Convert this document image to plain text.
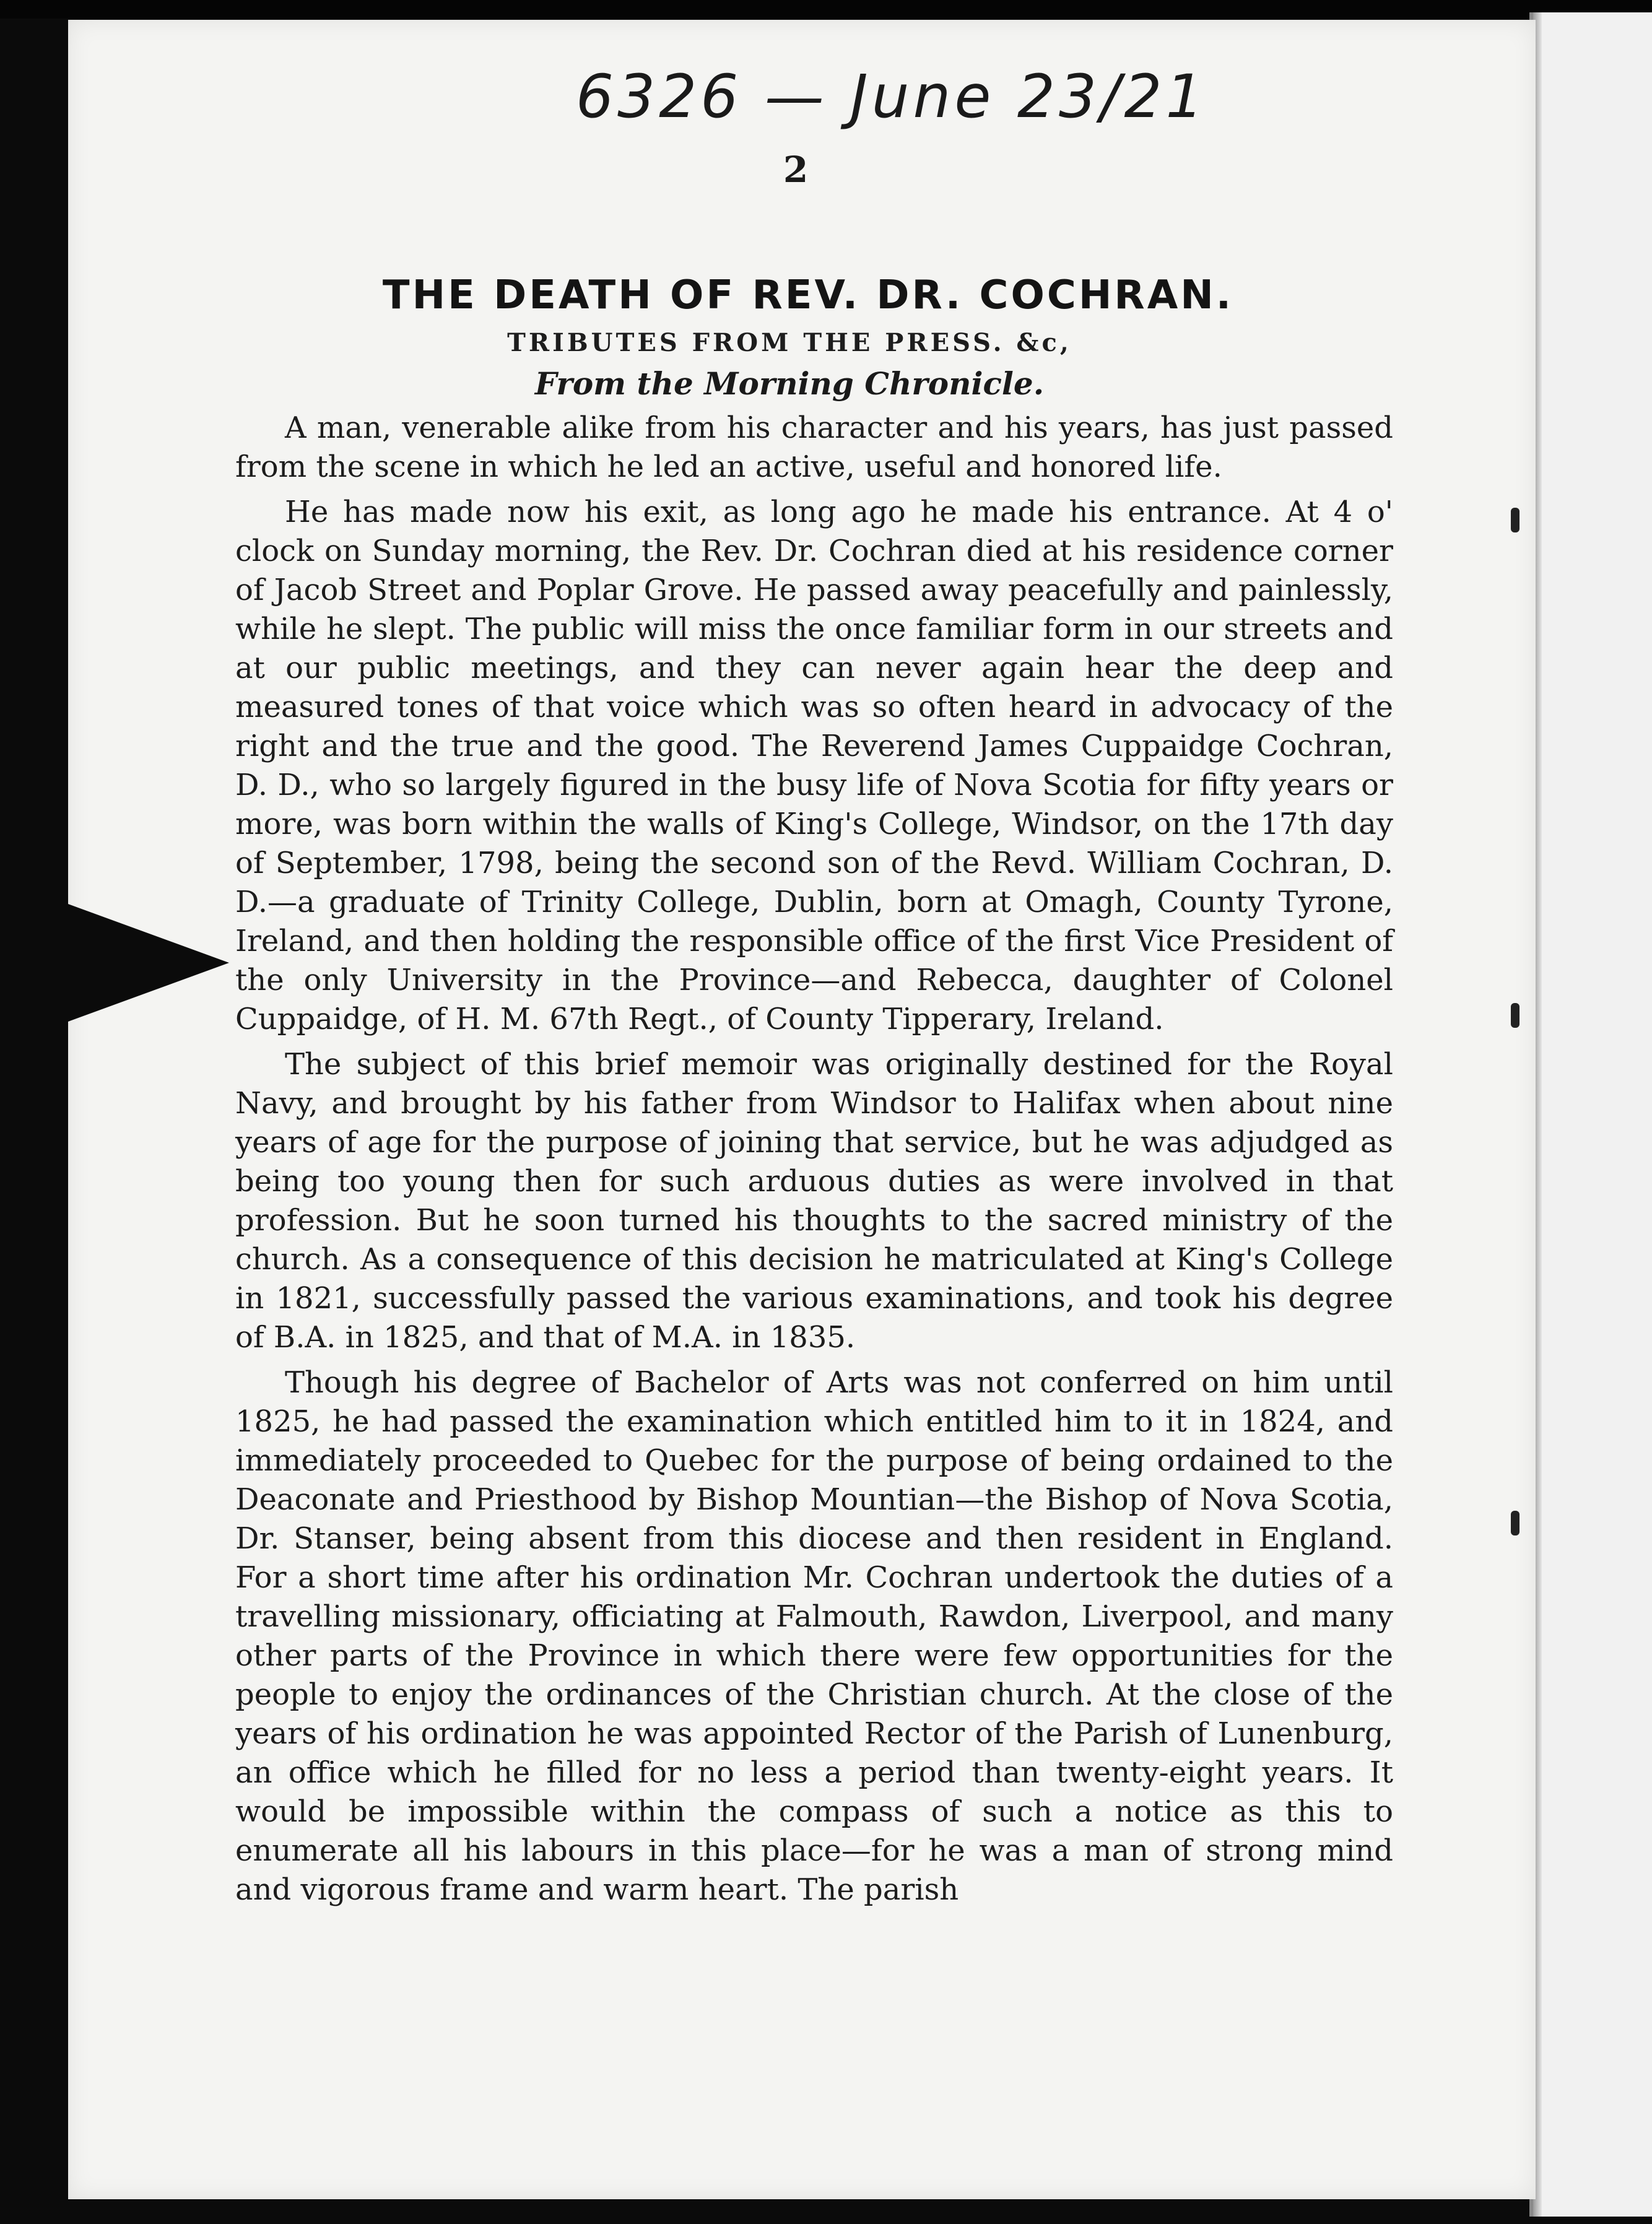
6326 — June 23/21
2
THE DEATH OF REV. DR. COCHRAN.
TRIBUTES FROM THE PRESS. &c,
From the Morning Chronicle.

A man, venerable alike from his character and his years, has just passed from the scene in which he led an active, useful and honored life.

He has made now his exit, as long ago he made his entrance. At 4 o' clock on Sunday morning, the Rev. Dr. Cochran died at his residence corner of Jacob Street and Poplar Grove. He passed away peacefully and painlessly, while he slept. The public will miss the once familiar form in our streets and at our public meetings, and they can never again hear the deep and measured tones of that voice which was so often heard in advocacy of the right and the true and the good. The Reverend James Cuppaidge Cochran, D. D., who so largely figured in the busy life of Nova Scotia for fifty years or more, was born within the walls of King's College, Windsor, on the 17th day of September, 1798, being the second son of the Revd. William Cochran, D. D.—a graduate of Trinity College, Dublin, born at Omagh, County Tyrone, Ireland, and then holding the responsible office of the first Vice President of the only University in the Province—and Rebecca, daughter of Colonel Cuppaidge, of H. M. 67th Regt., of County Tipperary, Ireland.

The subject of this brief memoir was originally destined for the Royal Navy, and brought by his father from Windsor to Halifax when about nine years of age for the purpose of joining that service, but he was adjudged as being too young then for such arduous duties as were involved in that profession. But he soon turned his thoughts to the sacred ministry of the church. As a consequence of this decision he matriculated at King's College in 1821, successfully passed the various examinations, and took his degree of B.A. in 1825, and that of M.A. in 1835.

Though his degree of Bachelor of Arts was not conferred on him until 1825, he had passed the examination which entitled him to it in 1824, and immediately proceeded to Quebec for the purpose of being ordained to the Deaconate and Priesthood by Bishop Mountian—the Bishop of Nova Scotia, Dr. Stanser, being absent from this diocese and then resident in England. For a short time after his ordination Mr. Cochran undertook the duties of a travelling missionary, officiating at Falmouth, Rawdon, Liverpool, and many other parts of the Province in which there were few opportunities for the people to enjoy the ordinances of the Christian church. At the close of the years of his ordination he was appointed Rector of the Parish of Lunenburg, an office which he filled for no less a period than twenty-eight years. It would be impossible within the compass of such a notice as this to enumerate all his labours in this place—for he was a man of strong mind and vigorous frame and warm heart. The parish
